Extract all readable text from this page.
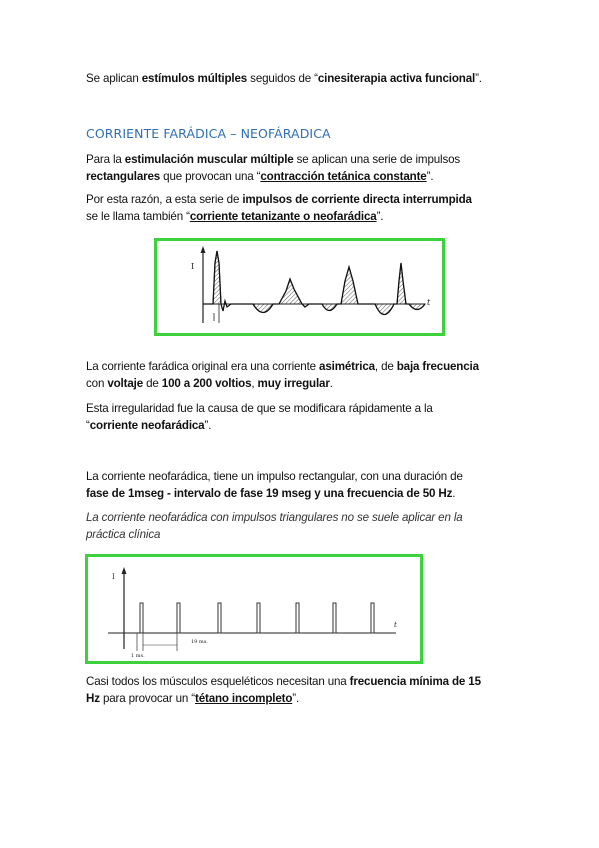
Se aplican estímulos múltiples seguidos de “cinesiterapia activa funcional”.
CORRIENTE FARÁDICA – NEOFÁRADICA
Para la estimulación muscular múltiple se aplican una serie de impulsos
rectangulares que provocan una “contracción tetánica constante”.
Por esta razón, a esta serie de impulsos de corriente directa interrumpida
se le llama también “corriente tetanizante o neofarádica”.
I
t
La corriente farádica original era una corriente asimétrica, de baja frecuencia
con voltaje de 100 a 200 voltios, muy irregular.
Esta irregularidad fue la causa de que se modificara rápidamente a la
“corriente neofarádica”.
La corriente neofarádica, tiene un impulso rectangular, con una duración de
fase de 1mseg - intervalo de fase 19 mseg y una frecuencia de 50 Hz.
La corriente neofarádica con impulsos triangulares no se suele aplicar en la
práctica clínica
I
t
1 ms.
19 ms.
Casi todos los músculos esqueléticos necesitan una frecuencia mínima de 15
Hz para provocar un “tétano incompleto”.
